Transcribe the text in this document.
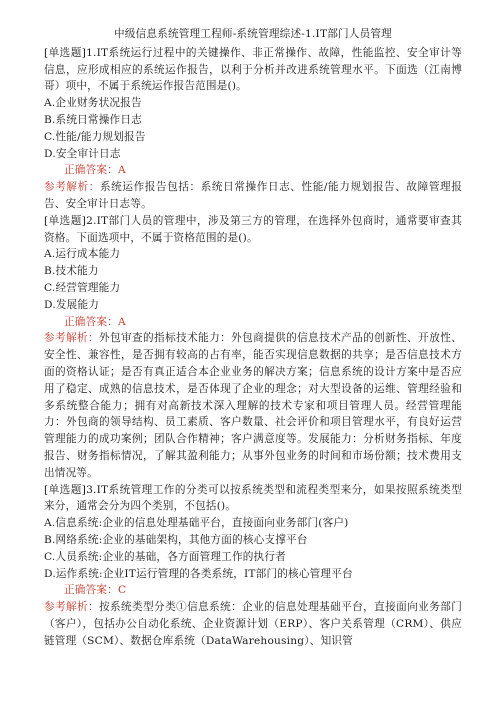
中级信息系统管理工程师-系统管理综述-1.IT部门人员管理

[单选题]1.IT系统运行过程中的关键操作、非正常操作、故障，性能监控、安全审计等信息，应形成相应的系统运作报告，以利于分析并改进系统管理水平。下面选（江南博哥）项中，不属于系统运作报告范围是()。

A.企业财务状况报告

B.系统日常操作日志

C.性能/能力规划报告

D.安全审计日志

正确答案：A

参考解析：系统运作报告包括：系统日常操作日志、性能/能力规划报告、故障管理报告、安全审计日志等。

[单选题]2.IT部门人员的管理中，涉及第三方的管理，在选择外包商时，通常要审查其资格。下面选项中，不属于资格范围的是()。

A.运行成本能力

B.技术能力

C.经营管理能力

D.发展能力

正确答案：A

参考解析：外包审查的指标技术能力：外包商提供的信息技术产品的创新性、开放性、安全性、兼容性，是否拥有较高的占有率，能否实现信息数据的共享；是否信息技术方面的资格认证；是否有真正适合本企业业务的解决方案；信息系统的设计方案中是否应用了稳定、成熟的信息技术，是否体现了企业的理念；对大型设备的运维、管理经验和多系统整合能力；拥有对高新技术深入理解的技术专家和项目管理人员。经营管理能力：外包商的领导结构、员工素质、客户数量、社会评价和项目管理水平，有良好运营管理能力的成功案例；团队合作精神；客户满意度等。发展能力：分析财务指标、年度报告、财务指标情况，了解其盈利能力；从事外包业务的时间和市场份额；技术费用支出情况等。

[单选题]3.IT系统管理工作的分类可以按系统类型和流程类型来分，如果按照系统类型来分，通常会分为四个类别，不包括()。

A.信息系统:企业的信息处理基础平台，直接面向业务部门(客户)

B.网络系统:企业的基础架构，其他方面的核心支撑平台

C.人员系统:企业的基础，各方面管理工作的执行者

D.运作系统:企业IT运行管理的各类系统，IT部门的核心管理平台

正确答案：C

参考解析：按系统类型分类①信息系统：企业的信息处理基础平台，直接面向业务部门（客户），包括办公自动化系统、企业资源计划（ERP）、客户关系管理（CRM）、供应链管理（SCM）、数据仓库系统（DataWarehousing）、知识管
